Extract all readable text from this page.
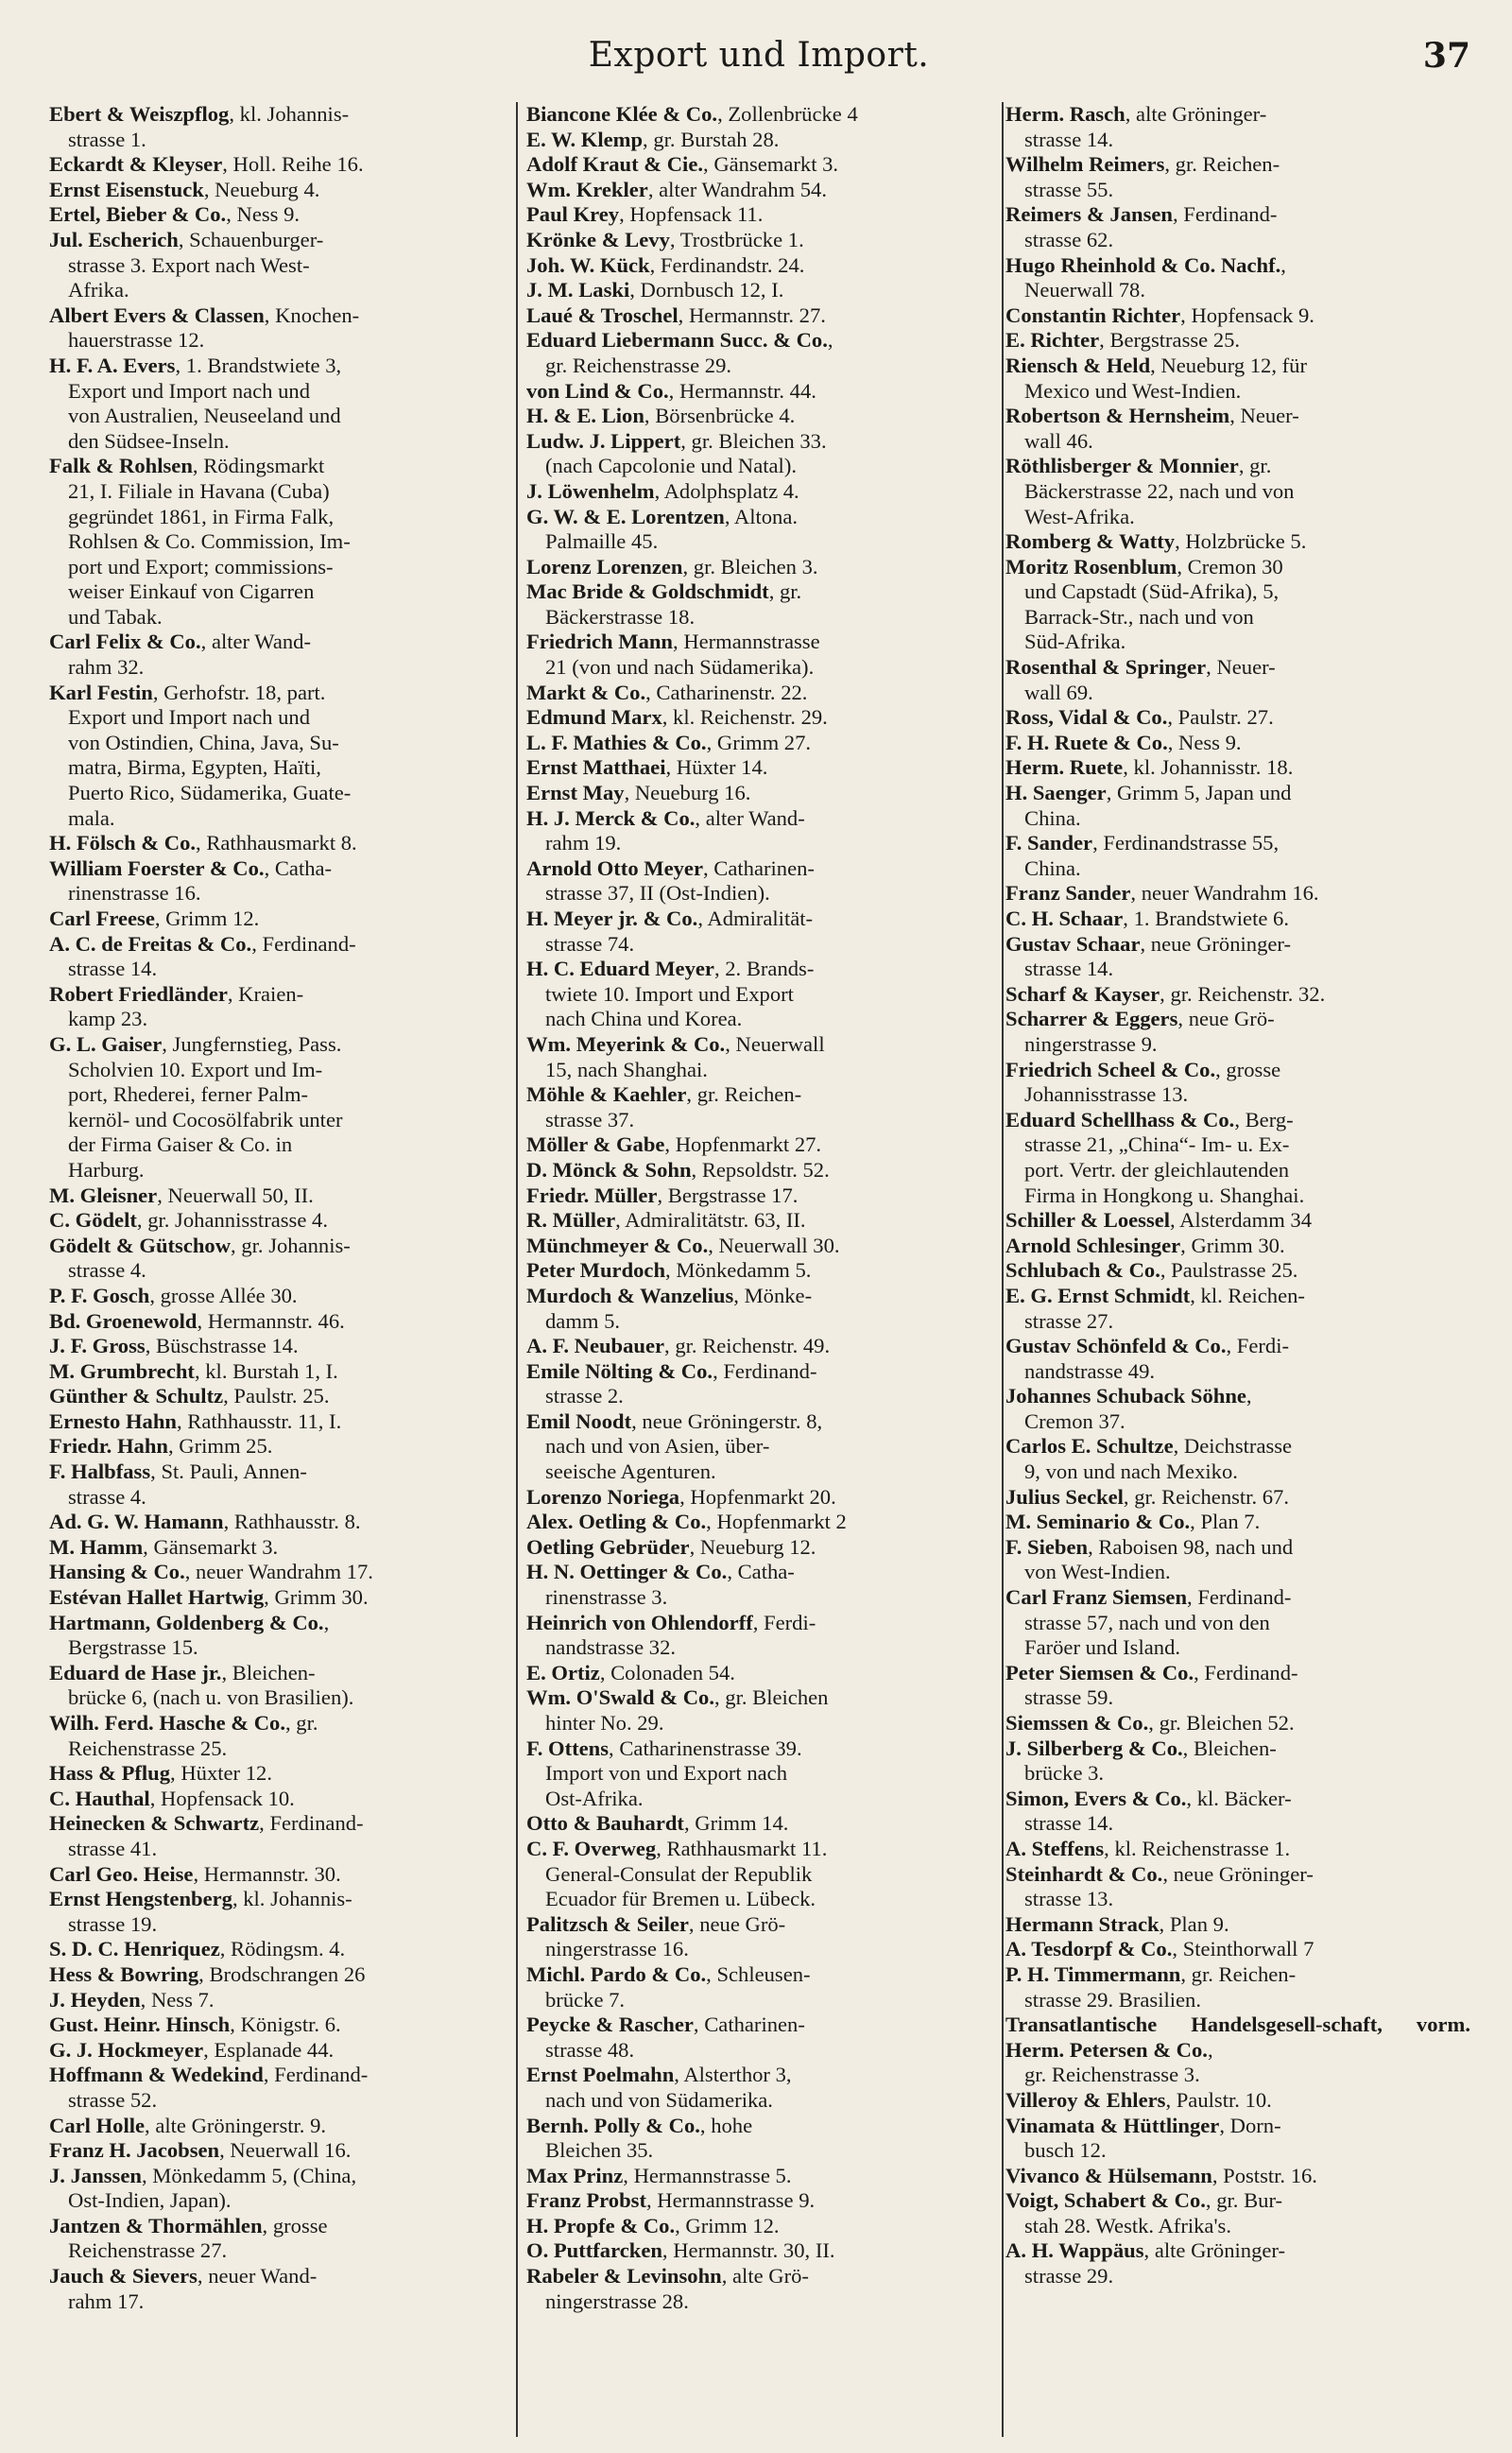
Export und Import.	37

Ebert & Weiszpflog, kl. Johannis-
strasse 1.

Eckardt & Kleyser, Holl. Reihe 16.

Ernst Eisenstuck, Neueburg 4.

Ertel, Bieber & Co., Ness 9.

Jul. Escherich, Schauenburger-
strasse 3. Export nach West-
Afrika.

Albert Evers & Classen, Knochen-
hauerstrasse 12.

H. F. A. Evers, 1. Brandstwiete 3,
Export und Import nach und
von Australien, Neuseeland und
den Südsee-Inseln.

Falk & Rohlsen, Rödingsmarkt
21, I. Filiale in Havana (Cuba)
gegründet 1861, in Firma Falk,
Rohlsen & Co. Commission, Im-
port und Export; commissions-
weiser Einkauf von Cigarren
und Tabak.

Carl Felix & Co., alter Wand-
rahm 32.

Karl Festin, Gerhofstr. 18, part.
Export und Import nach und
von Ostindien, China, Java, Su-
matra, Birma, Egypten, Haïti,
Puerto Rico, Südamerika, Guate-
mala.

H. Fölsch & Co., Rathhausmarkt 8.

William Foerster & Co., Catha-
rinenstrasse 16.

Carl Freese, Grimm 12.

A. C. de Freitas & Co., Ferdinand-
strasse 14.

Robert Friedländer, Kraien-
kamp 23.

G. L. Gaiser, Jungfernstieg, Pass.
Scholvien 10. Export und Im-
port, Rhederei, ferner Palm-
kernöl- und Cocosölfabrik unter
der Firma Gaiser & Co. in
Harburg.

M. Gleisner, Neuerwall 50, II.

C. Gödelt, gr. Johannisstrasse 4.

Gödelt & Gütschow, gr. Johannis-
strasse 4.

P. F. Gosch, grosse Allée 30.

Bd. Groenewold, Hermannstr. 46.

J. F. Gross, Büschstrasse 14.

M. Grumbrecht, kl. Burstah 1, I.

Günther & Schultz, Paulstr. 25.

Ernesto Hahn, Rathhausstr. 11, I.

Friedr. Hahn, Grimm 25.

F. Halbfass, St. Pauli, Annen-
strasse 4.

Ad. G. W. Hamann, Rathhausstr. 8.

M. Hamm, Gänsemarkt 3.

Hansing & Co., neuer Wandrahm 17.

Estévan Hallet Hartwig, Grimm 30.

Hartmann, Goldenberg & Co.,
Bergstrasse 15.

Eduard de Hase jr., Bleichen-
brücke 6, (nach u. von Brasilien).

Wilh. Ferd. Hasche & Co., gr.
Reichenstrasse 25.

Hass & Pflug, Hüxter 12.

C. Hauthal, Hopfensack 10.

Heinecken & Schwartz, Ferdinand-
strasse 41.

Carl Geo. Heise, Hermannstr. 30.

Ernst Hengstenberg, kl. Johannis-
strasse 19.

S. D. C. Henriquez, Rödingsm. 4.

Hess & Bowring, Brodschrangen 26

J. Heyden, Ness 7.

Gust. Heinr. Hinsch, Königstr. 6.

G. J. Hockmeyer, Esplanade 44.

Hoffmann & Wedekind, Ferdinand-
strasse 52.

Carl Holle, alte Gröningerstr. 9.

Franz H. Jacobsen, Neuerwall 16.

J. Janssen, Mönkedamm 5, (China,
Ost-Indien, Japan).

Jantzen & Thormählen, grosse
Reichenstrasse 27.

Jauch & Sievers, neuer Wand-
rahm 17.

Biancone Klée & Co., Zollenbrücke 4

E. W. Klemp, gr. Burstah 28.

Adolf Kraut & Cie., Gänsemarkt 3.

Wm. Krekler, alter Wandrahm 54.

Paul Krey, Hopfensack 11.

Krönke & Levy, Trostbrücke 1.

Joh. W. Kück, Ferdinandstr. 24.

J. M. Laski, Dornbusch 12, I.

Laué & Troschel, Hermannstr. 27.

Eduard Liebermann Succ. & Co.,
gr. Reichenstrasse 29.

von Lind & Co., Hermannstr. 44.

H. & E. Lion, Börsenbrücke 4.

Ludw. J. Lippert, gr. Bleichen 33.
(nach Capcolonie und Natal).

J. Löwenhelm, Adolphsplatz 4.

G. W. & E. Lorentzen, Altona.
Palmaille 45.

Lorenz Lorenzen, gr. Bleichen 3.

Mac Bride & Goldschmidt, gr.
Bäckerstrasse 18.

Friedrich Mann, Hermannstrasse
21 (von und nach Südamerika).

Markt & Co., Catharinenstr. 22.

Edmund Marx, kl. Reichenstr. 29.

L. F. Mathies & Co., Grimm 27.

Ernst Matthaei, Hüxter 14.

Ernst May, Neueburg 16.

H. J. Merck & Co., alter Wand-
rahm 19.

Arnold Otto Meyer, Catharinen-
strasse 37, II (Ost-Indien).

H. Meyer jr. & Co., Admiralität-
strasse 74.

H. C. Eduard Meyer, 2. Brands-
twiete 10. Import und Export
nach China und Korea.

Wm. Meyerink & Co., Neuerwall
15, nach Shanghai.

Möhle & Kaehler, gr. Reichen-
strasse 37.

Möller & Gabe, Hopfenmarkt 27.

D. Mönck & Sohn, Repsoldstr. 52.

Friedr. Müller, Bergstrasse 17.

R. Müller, Admiralitätstr. 63, II.

Münchmeyer & Co., Neuerwall 30.

Peter Murdoch, Mönkedamm 5.

Murdoch & Wanzelius, Mönke-
damm 5.

A. F. Neubauer, gr. Reichenstr. 49.

Emile Nölting & Co., Ferdinand-
strasse 2.

Emil Noodt, neue Gröningerstr. 8,
nach und von Asien, über-
seeische Agenturen.

Lorenzo Noriega, Hopfenmarkt 20.

Alex. Oetling & Co., Hopfenmarkt 2

Oetling Gebrüder, Neueburg 12.

H. N. Oettinger & Co., Catha-
rinenstrasse 3.

Heinrich von Ohlendorff, Ferdi-
nandstrasse 32.

E. Ortiz, Colonaden 54.

Wm. O'Swald & Co., gr. Bleichen
hinter No. 29.

F. Ottens, Catharinenstrasse 39.
Import von und Export nach
Ost-Afrika.

Otto & Bauhardt, Grimm 14.

C. F. Overweg, Rathhausmarkt 11.
General-Consulat der Republik
Ecuador für Bremen u. Lübeck.

Palitzsch & Seiler, neue Grö-
ningerstrasse 16.

Michl. Pardo & Co., Schleusen-
brücke 7.

Peycke & Rascher, Catharinen-
strasse 48.

Ernst Poelmahn, Alsterthor 3,
nach und von Südamerika.

Bernh. Polly & Co., hohe
Bleichen 35.

Max Prinz, Hermannstrasse 5.

Franz Probst, Hermannstrasse 9.

H. Propfe & Co., Grimm 12.

O. Puttfarcken, Hermannstr. 30, II.

Rabeler & Levinsohn, alte Grö-
ningerstrasse 28.

Herm. Rasch, alte Gröninger-
strasse 14.

Wilhelm Reimers, gr. Reichen-
strasse 55.

Reimers & Jansen, Ferdinand-
strasse 62.

Hugo Rheinhold & Co. Nachf.,
Neuerwall 78.

Constantin Richter, Hopfensack 9.

E. Richter, Bergstrasse 25.

Riensch & Held, Neueburg 12, für
Mexico und West-Indien.

Robertson & Hernsheim, Neuer-
wall 46.

Röthlisberger & Monnier, gr.
Bäckerstrasse 22, nach und von
West-Afrika.

Romberg & Watty, Holzbrücke 5.

Moritz Rosenblum, Cremon 30
und Capstadt (Süd-Afrika), 5,
Barrack-Str., nach und von
Süd-Afrika.

Rosenthal & Springer, Neuer-
wall 69.

Ross, Vidal & Co., Paulstr. 27.

F. H. Ruete & Co., Ness 9.

Herm. Ruete, kl. Johannisstr. 18.

H. Saenger, Grimm 5, Japan und
China.

F. Sander, Ferdinandstrasse 55,
China.

Franz Sander, neuer Wandrahm 16.

C. H. Schaar, 1. Brandstwiete 6.

Gustav Schaar, neue Gröninger-
strasse 14.

Scharf & Kayser, gr. Reichenstr. 32.

Scharrer & Eggers, neue Grö-
ningerstrasse 9.

Friedrich Scheel & Co., grosse
Johannisstrasse 13.

Eduard Schellhass & Co., Berg-
strasse 21, „China“- Im- u. Ex-
port. Vertr. der gleichlautenden
Firma in Hongkong u. Shanghai.

Schiller & Loessel, Alsterdamm 34

Arnold Schlesinger, Grimm 30.

Schlubach & Co., Paulstrasse 25.

E. G. Ernst Schmidt, kl. Reichen-
strasse 27.

Gustav Schönfeld & Co., Ferdi-
nandstrasse 49.

Johannes Schuback Söhne,
Cremon 37.

Carlos E. Schultze, Deichstrasse
9, von und nach Mexiko.

Julius Seckel, gr. Reichenstr. 67.

M. Seminario & Co., Plan 7.

F. Sieben, Raboisen 98, nach und
von West-Indien.

Carl Franz Siemsen, Ferdinand-
strasse 57, nach und von den
Faröer und Island.

Peter Siemsen & Co., Ferdinand-
strasse 59.

Siemssen & Co., gr. Bleichen 52.

J. Silberberg & Co., Bleichen-
brücke 3.

Simon, Evers & Co., kl. Bäcker-
strasse 14.

A. Steffens, kl. Reichenstrasse 1.

Steinhardt & Co., neue Gröninger-
strasse 13.

Hermann Strack, Plan 9.

A. Tesdorpf & Co., Steinthorwall 7

P. H. Timmermann, gr. Reichen-
strasse 29. Brasilien.

Transatlantische Handelsgesell-schaft, vorm. Herm. Petersen & Co.,
gr. Reichenstrasse 3.

Villeroy & Ehlers, Paulstr. 10.

Vinamata & Hüttlinger, Dorn-
busch 12.

Vivanco & Hülsemann, Poststr. 16.

Voigt, Schabert & Co., gr. Bur-
stah 28. Westk. Afrika's.

A. H. Wappäus, alte Gröninger-
strasse 29.
